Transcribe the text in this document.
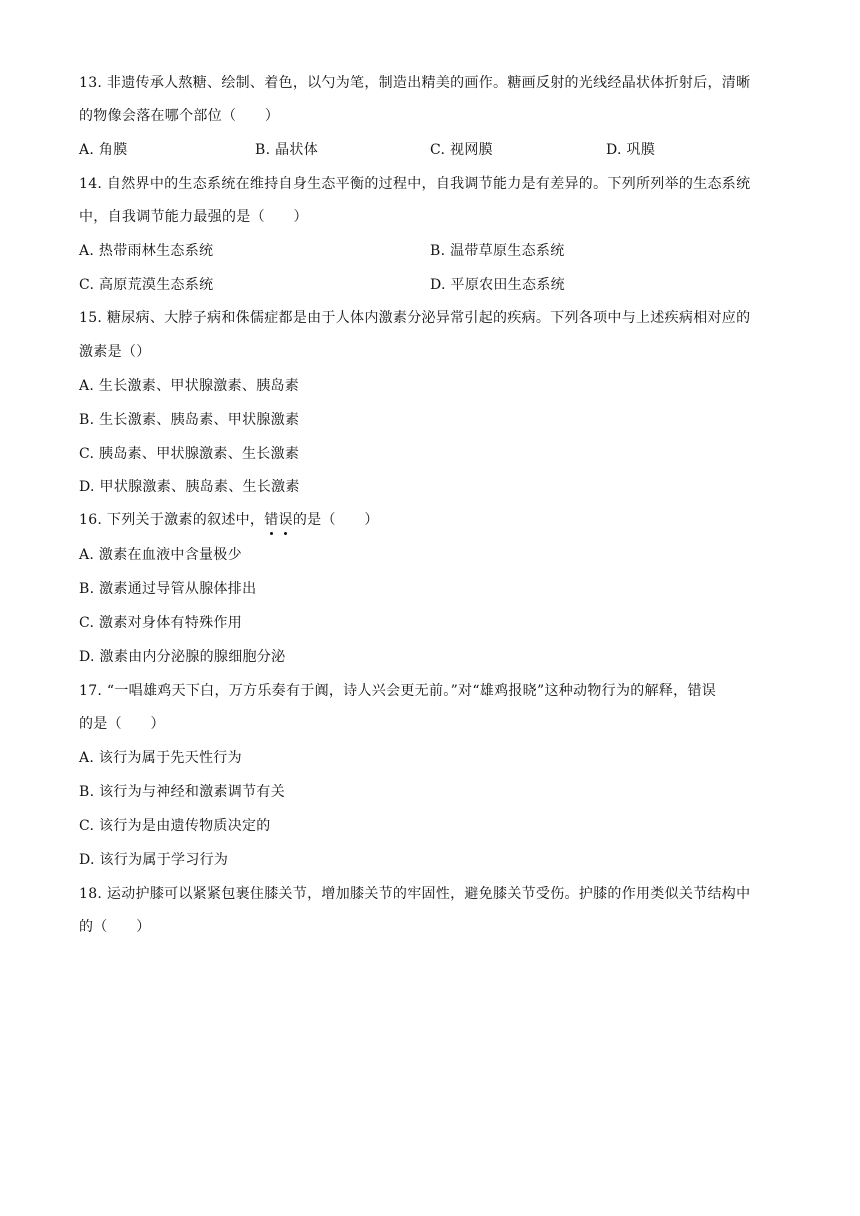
13. 非遗传承人熬糖、绘制、着色，以勺为笔，制造出精美的画作。糖画反射的光线经晶状体折射后，清晰
的物像会落在哪个部位（　　）
A. 角膜	B. 晶状体	C. 视网膜	D. 巩膜
14. 自然界中的生态系统在维持自身生态平衡的过程中，自我调节能力是有差异的。下列所列举的生态系统
中，自我调节能力最强的是（　　）
A. 热带雨林生态系统	B. 温带草原生态系统
C. 高原荒漠生态系统	D. 平原农田生态系统
15. 糖尿病、大脖子病和侏儒症都是由于人体内激素分泌异常引起的疾病。下列各项中与上述疾病相对应的
激素是（）
A. 生长激素、甲状腺激素、胰岛素
B. 生长激素、胰岛素、甲状腺激素
C. 胰岛素、甲状腺激素、生长激素
D. 甲状腺激素、胰岛素、生长激素
16. 下列关于激素的叙述中，错误的是（　　）
A. 激素在血液中含量极少
B. 激素通过导管从腺体排出
C. 激素对身体有特殊作用
D. 激素由内分泌腺的腺细胞分泌
17. “一唱雄鸡天下白，万方乐奏有于阗，诗人兴会更无前。”对“雄鸡报晓”这种动物行为的解释，错误
的是（　　）
A. 该行为属于先天性行为
B. 该行为与神经和激素调节有关
C. 该行为是由遗传物质决定的
D. 该行为属于学习行为
18. 运动护膝可以紧紧包裹住膝关节，增加膝关节的牢固性，避免膝关节受伤。护膝的作用类似关节结构中
的（　　）
